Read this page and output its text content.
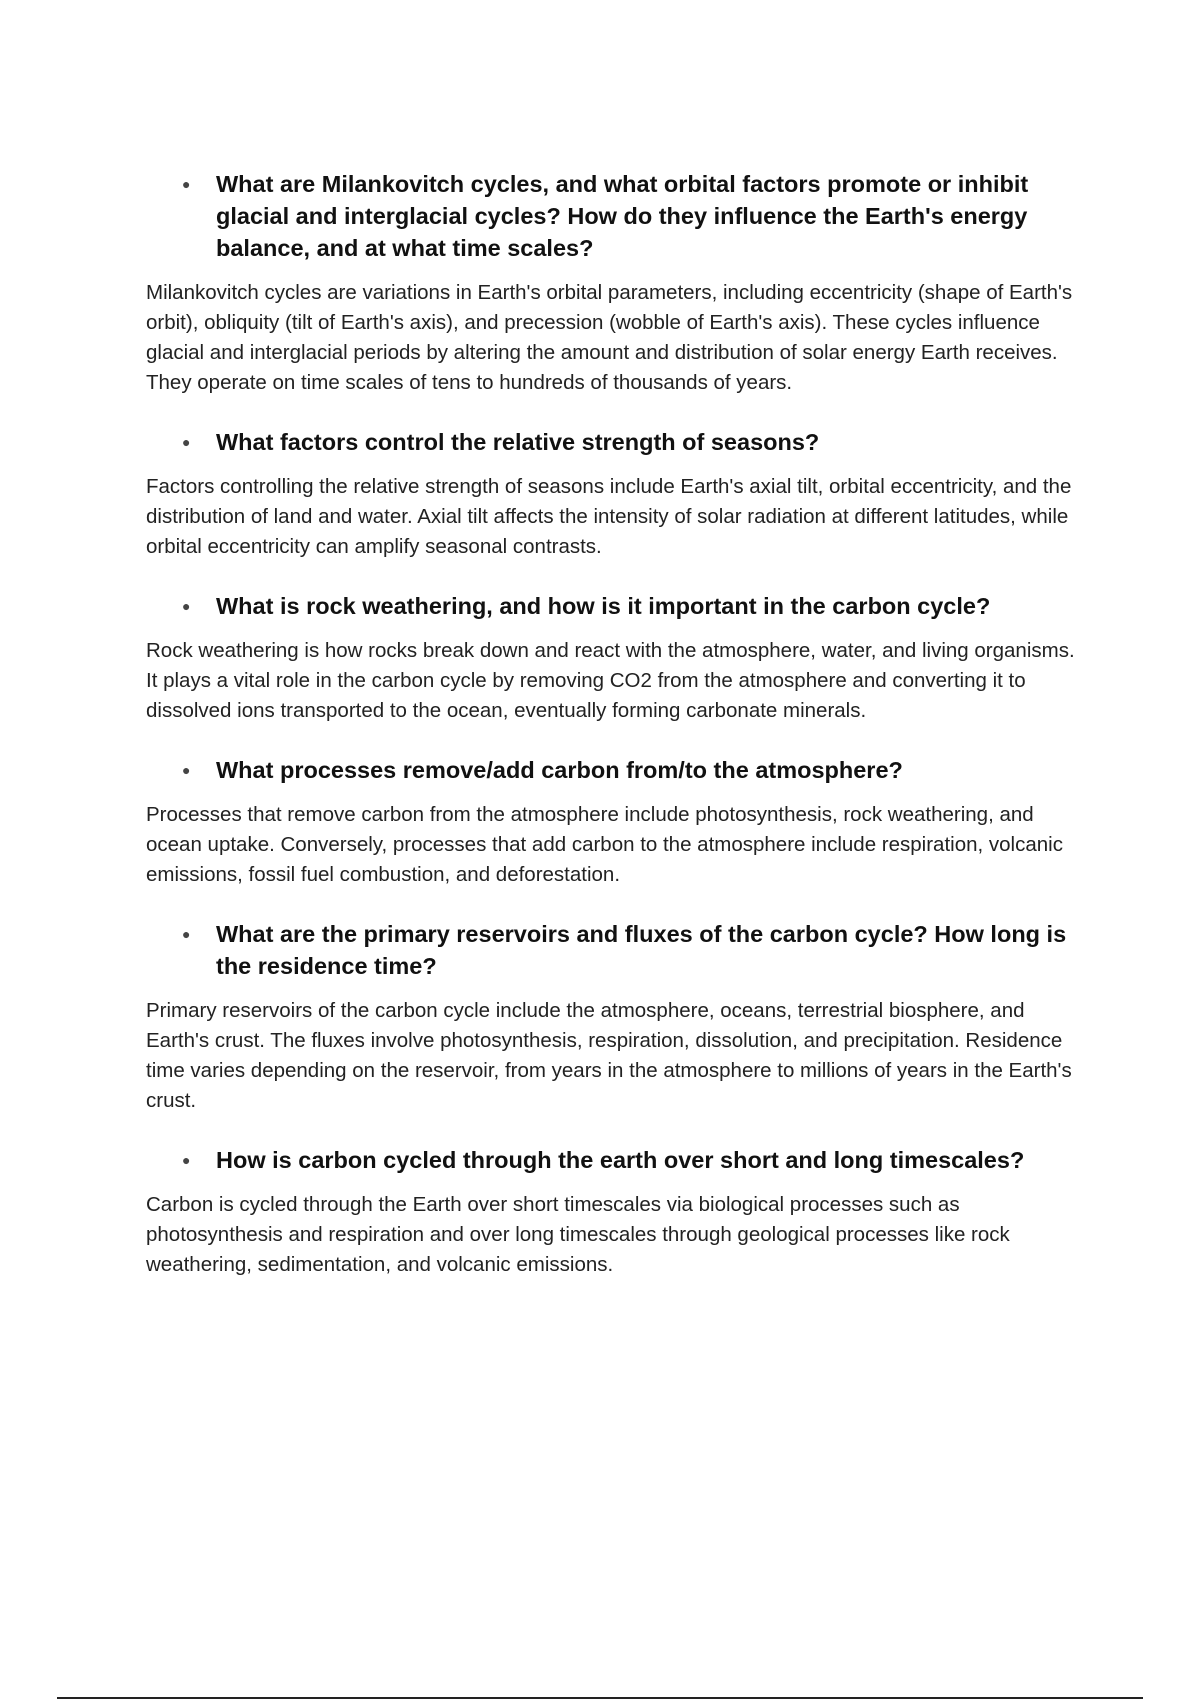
●	What are Milankovitch cycles, and what orbital factors promote or inhibit glacial and interglacial cycles? How do they influence the Earth's energy balance, and at what time scales?

Milankovitch cycles are variations in Earth's orbital parameters, including eccentricity (shape of Earth's orbit), obliquity (tilt of Earth's axis), and precession (wobble of Earth's axis). These cycles influence glacial and interglacial periods by altering the amount and distribution of solar energy Earth receives. They operate on time scales of tens to hundreds of thousands of years.

●	What factors control the relative strength of seasons?

Factors controlling the relative strength of seasons include Earth's axial tilt, orbital eccentricity, and the distribution of land and water. Axial tilt affects the intensity of solar radiation at different latitudes, while orbital eccentricity can amplify seasonal contrasts.

●	What is rock weathering, and how is it important in the carbon cycle?

Rock weathering is how rocks break down and react with the atmosphere, water, and living organisms. It plays a vital role in the carbon cycle by removing CO2 from the atmosphere and converting it to dissolved ions transported to the ocean, eventually forming carbonate minerals.

●	What processes remove/add carbon from/to the atmosphere?

Processes that remove carbon from the atmosphere include photosynthesis, rock weathering, and ocean uptake. Conversely, processes that add carbon to the atmosphere include respiration, volcanic emissions, fossil fuel combustion, and deforestation.

●	What are the primary reservoirs and fluxes of the carbon cycle? How long is the residence time?

Primary reservoirs of the carbon cycle include the atmosphere, oceans, terrestrial biosphere, and Earth's crust. The fluxes involve photosynthesis, respiration, dissolution, and precipitation. Residence time varies depending on the reservoir, from years in the atmosphere to millions of years in the Earth's crust.

●	How is carbon cycled through the earth over short and long timescales?

Carbon is cycled through the Earth over short timescales via biological processes such as photosynthesis and respiration and over long timescales through geological processes like rock weathering, sedimentation, and volcanic emissions.
